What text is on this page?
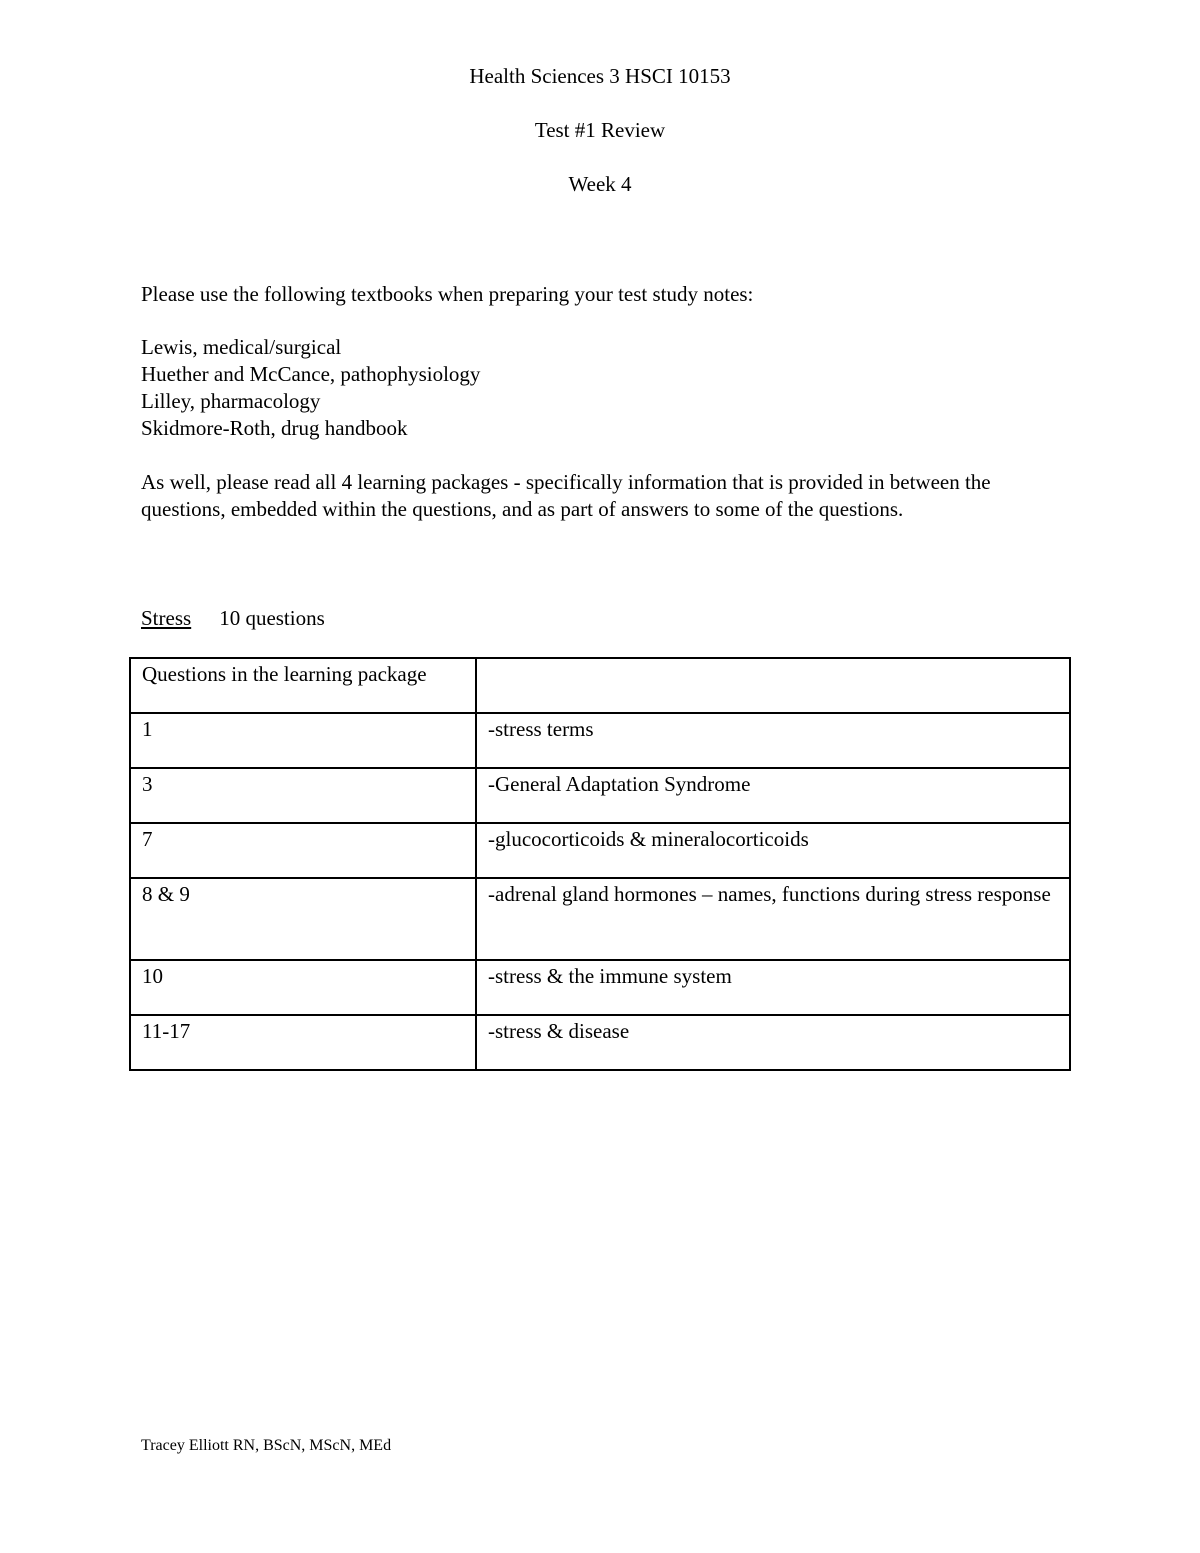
Health Sciences 3 HSCI 10153
Test #1 Review
Week 4
Please use the following textbooks when preparing your test study notes:
Lewis, medical/surgical
Huether and McCance, pathophysiology
Lilley, pharmacology
Skidmore-Roth, drug handbook
As well, please read all 4 learning packages - specifically information that is provided in between the questions, embedded within the questions, and as part of answers to some of the questions.
Stress 10 questions
Questions in the learning package	
1	-stress terms
3	-General Adaptation Syndrome
7	-glucocorticoids & mineralocorticoids
8 & 9	-adrenal gland hormones – names, functions during stress response
10	-stress & the immune system
11-17	-stress & disease
Tracey Elliott RN, BScN, MScN, MEd
